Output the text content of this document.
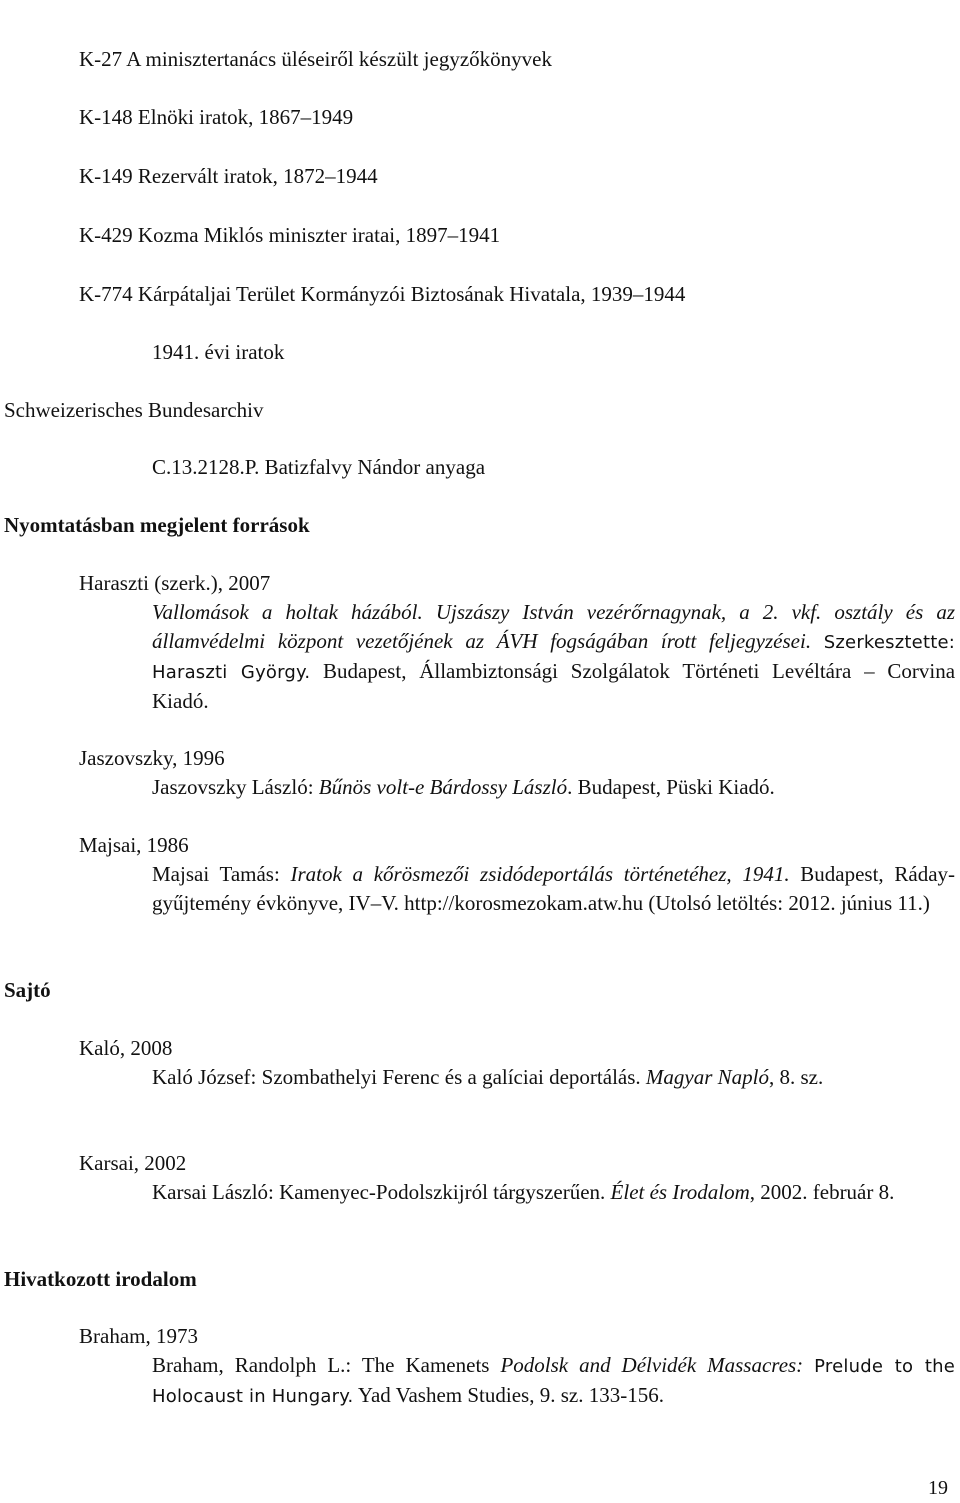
K-27 A minisztertanács üléseiről készült jegyzőkönyvek
K-148 Elnöki iratok, 1867–1949
K-149 Rezervált iratok, 1872–1944
K-429 Kozma Miklós miniszter iratai, 1897–1941
K-774 Kárpátaljai Terület Kormányzói Biztosának Hivatala, 1939–1944
1941. évi iratok
Schweizerisches Bundesarchiv
C.13.2128.P. Batizfalvy Nándor anyaga
Nyomtatásban megjelent források
Haraszti (szerk.), 2007
Vallomások a holtak házából. Ujszászy István vezérőrnagynak, a 2. vkf. osztály és az államvédelmi központ vezetőjének az ÁVH fogságában írott feljegyzései. Szerkesztette: Haraszti György. Budapest, Állambiztonsági Szolgálatok Történeti Levéltára – Corvina Kiadó.
Jaszovszky, 1996
Jaszovszky László: Bűnös volt-e Bárdossy László. Budapest, Püski Kiadó.
Majsai, 1986
Majsai Tamás: Iratok a kőrösmezői zsidódeportálás történetéhez, 1941. Budapest, Ráday-gyűjtemény évkönyve, IV–V. http://korosmezokam.atw.hu (Utolsó letöltés: 2012. június 11.)
Sajtó
Kaló, 2008
Kaló József: Szombathelyi Ferenc és a galíciai deportálás. Magyar Napló, 8. sz.
Karsai, 2002
Karsai László: Kamenyec-Podolszkijról tárgyszerűen. Élet és Irodalom, 2002. február 8.
Hivatkozott irodalom
Braham, 1973
Braham, Randolph L.: The Kamenets Podolsk and Délvidék Massacres: Prelude to the Holocaust in Hungary. Yad Vashem Studies, 9. sz. 133-156.
19
